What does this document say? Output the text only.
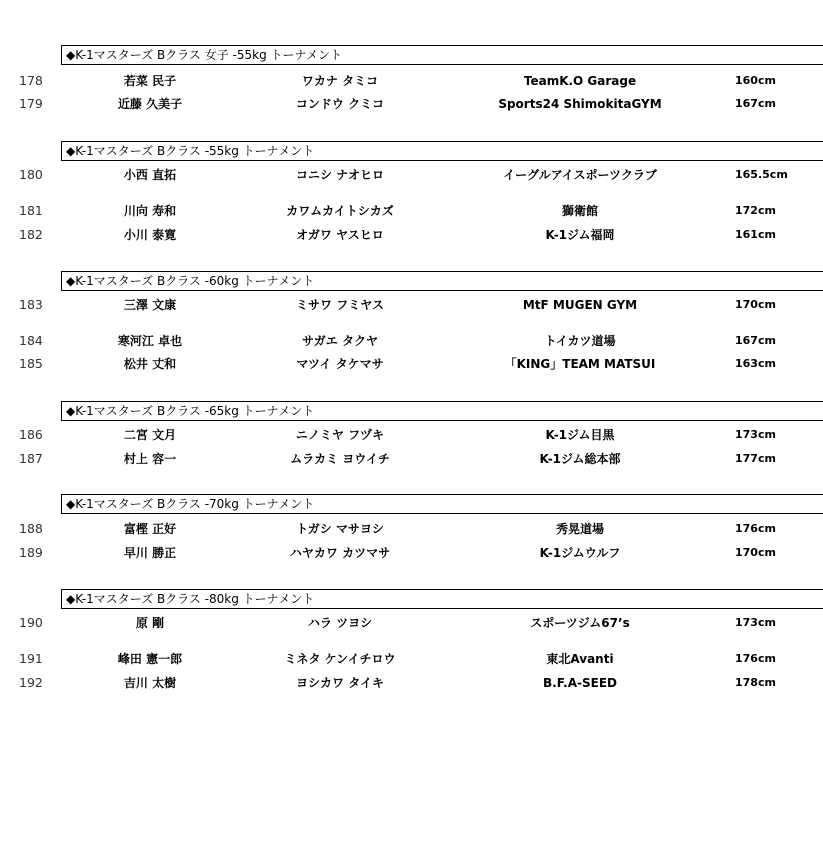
◆K-1マスターズ Bクラス 女子 -55kg トーナメント
178	若菜 民子	ワカナ タミコ	TeamK.O Garage	160cm
179	近藤 久美子	コンドウ クミコ	Sports24 ShimokitaGYM	167cm
◆K-1マスターズ Bクラス -55kg トーナメント
180	小西 直拓	コニシ ナオヒロ	イーグルアイスポーツクラブ	165.5cm
181	川向 寿和	カワムカイトシカズ	獅衛館	172cm
182	小川 泰寛	オガワ ヤスヒロ	K-1ジム福岡	161cm
◆K-1マスターズ Bクラス -60kg トーナメント
183	三澤 文康	ミサワ フミヤス	MtF MUGEN GYM	170cm
184	寒河江 卓也	サガエ タクヤ	トイカツ道場	167cm
185	松井 丈和	マツイ タケマサ	「KING」TEAM MATSUI	163cm
◆K-1マスターズ Bクラス -65kg トーナメント
186	二宮 文月	ニノミヤ フヅキ	K-1ジム目黒	173cm
187	村上 容一	ムラカミ ヨウイチ	K-1ジム総本部	177cm
◆K-1マスターズ Bクラス -70kg トーナメント
188	富樫 正好	トガシ マサヨシ	秀晃道場	176cm
189	早川 勝正	ハヤカワ カツマサ	K-1ジムウルフ	170cm
◆K-1マスターズ Bクラス -80kg トーナメント
190	原 剛	ハラ ツヨシ	スポーツジム67’s	173cm
191	峰田 憲一郎	ミネタ ケンイチロウ	東北Avanti	176cm
192	吉川 太樹	ヨシカワ タイキ	B.F.A-SEED	178cm
